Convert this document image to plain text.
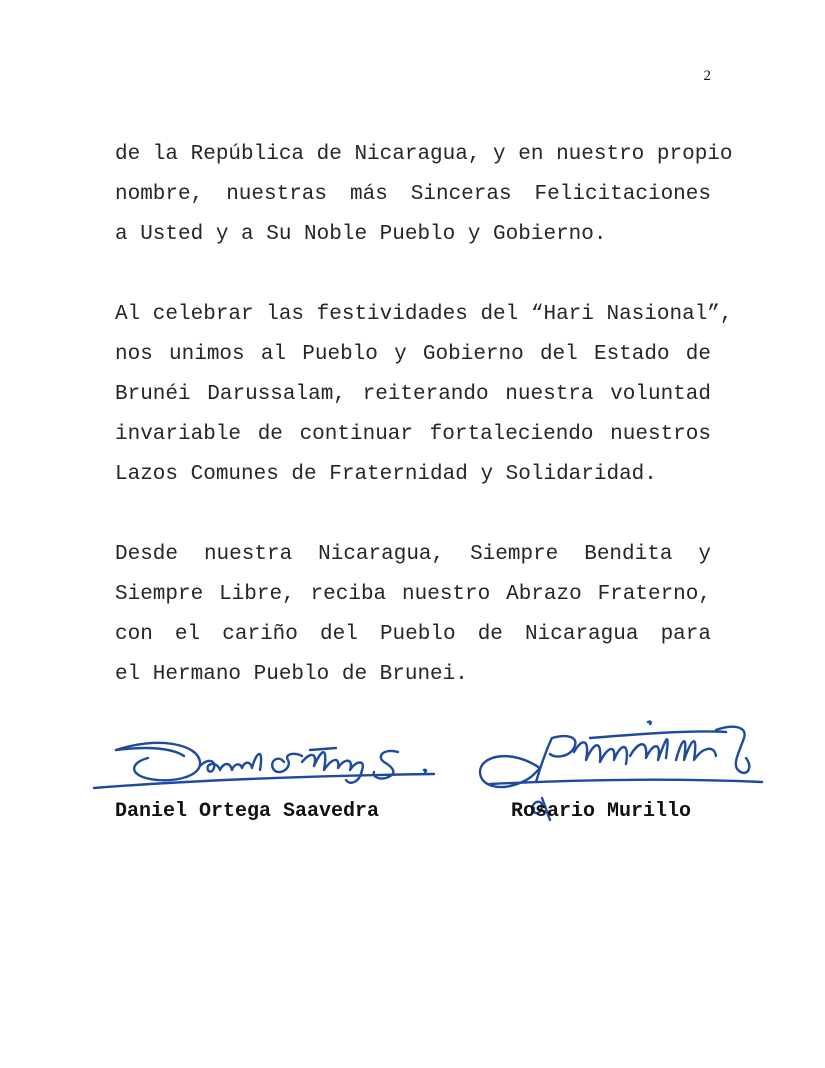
2

de la República de Nicaragua, y en nuestro propio
nombre, nuestras más Sinceras Felicitaciones
a Usted y a Su Noble Pueblo y Gobierno.

Al celebrar las festividades del “Hari Nasional”,
nos unimos al Pueblo y Gobierno del Estado de
Brunéi Darussalam, reiterando nuestra voluntad
invariable de continuar fortaleciendo nuestros
Lazos Comunes de Fraternidad y Solidaridad.

Desde nuestra Nicaragua, Siempre Bendita y
Siempre Libre, reciba nuestro Abrazo Fraterno,
con el cariño del Pueblo de Nicaragua para
el Hermano Pueblo de Brunei.

Daniel Ortega Saavedra	Rosario Murillo
